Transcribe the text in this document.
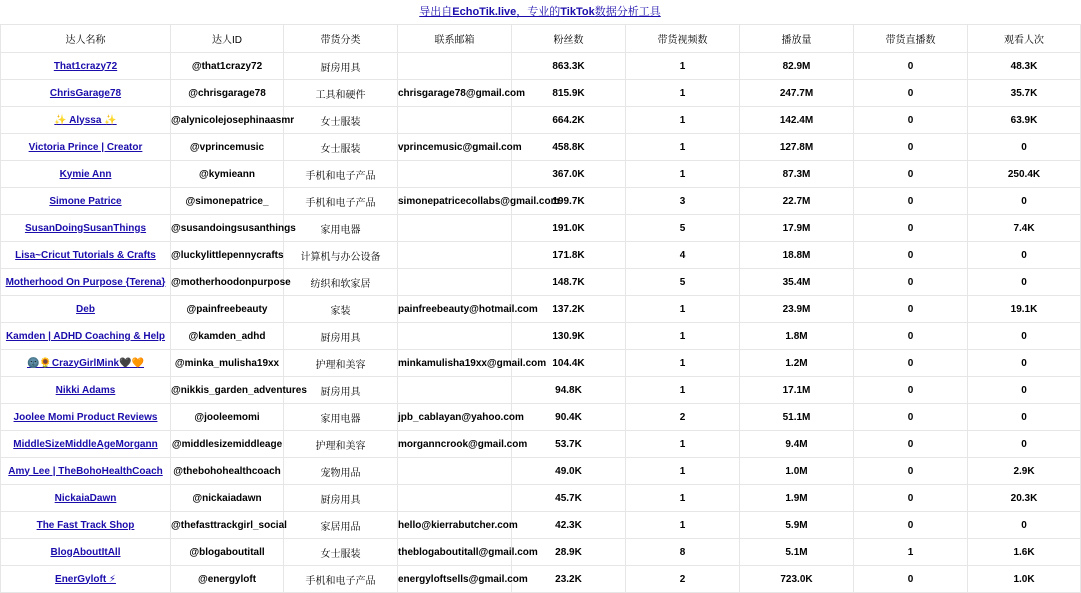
导出自EchoTik.live，专业的TikTok数据分析工具
达人名称	达人ID	带货分类	联系邮箱	粉丝数	带货视频数	播放量	带货直播数	观看人次
That1crazy72	@that1crazy72	厨房用具		863.3K	1	82.9M	0	48.3K
ChrisGarage78	@chrisgarage78	工具和硬件	chrisgarage78@gmail.com	815.9K	1	247.7M	0	35.7K
✨ Alyssa ✨	@alynicolejosephinaasmr	女士服装		664.2K	1	142.4M	0	63.9K
Victoria Prince | Creator	@vprincemusic	女士服装	vprincemusic@gmail.com	458.8K	1	127.8M	0	0
Kymie Ann	@kymieann	手机和电子产品		367.0K	1	87.3M	0	250.4K
Simone Patrice	@simonepatrice_	手机和电子产品	simonepatricecollabs@gmail.com	199.7K	3	22.7M	0	0
SusanDoingSusanThings	@susandoingsusanthings	家用电器		191.0K	5	17.9M	0	7.4K
Lisa~Cricut Tutorials & Crafts	@luckylittlepennycrafts	计算机与办公设备		171.8K	4	18.8M	0	0
Motherhood On Purpose {Terena}	@motherhoodonpurpose	纺织和软家居		148.7K	5	35.4M	0	0
Deb	@painfreebeauty	家装	painfreebeauty@hotmail.com	137.2K	1	23.9M	0	19.1K
Kamden | ADHD Coaching & Help	@kamden_adhd	厨房用具		130.9K	1	1.8M	0	0
🌚🌻CrazyGirlMink🖤🧡	@minka_mulisha19xx	护理和美容	minkamulisha19xx@gmail.com	104.4K	1	1.2M	0	0
Nikki Adams	@nikkis_garden_adventures	厨房用具		94.8K	1	17.1M	0	0
Joolee Momi Product Reviews	@jooleemomi	家用电器	jpb_cablayan@yahoo.com	90.4K	2	51.1M	0	0
MiddleSizeMiddleAgeMorgann	@middlesizemiddleage	护理和美容	morganncrook@gmail.com	53.7K	1	9.4M	0	0
Amy Lee | TheBohoHealthCoach	@thebohohealthcoach	宠物用品		49.0K	1	1.0M	0	2.9K
NickaiaDawn	@nickaiadawn	厨房用具		45.7K	1	1.9M	0	20.3K
The Fast Track Shop	@thefasttrackgirl_social	家居用品	hello@kierrabutcher.com	42.3K	1	5.9M	0	0
BlogAboutItAll	@blogaboutitall	女士服装	theblogaboutitall@gmail.com	28.9K	8	5.1M	1	1.6K
EnerGyloft ⚡	@energyloft	手机和电子产品	energyloftsells@gmail.com	23.2K	2	723.0K	0	1.0K
